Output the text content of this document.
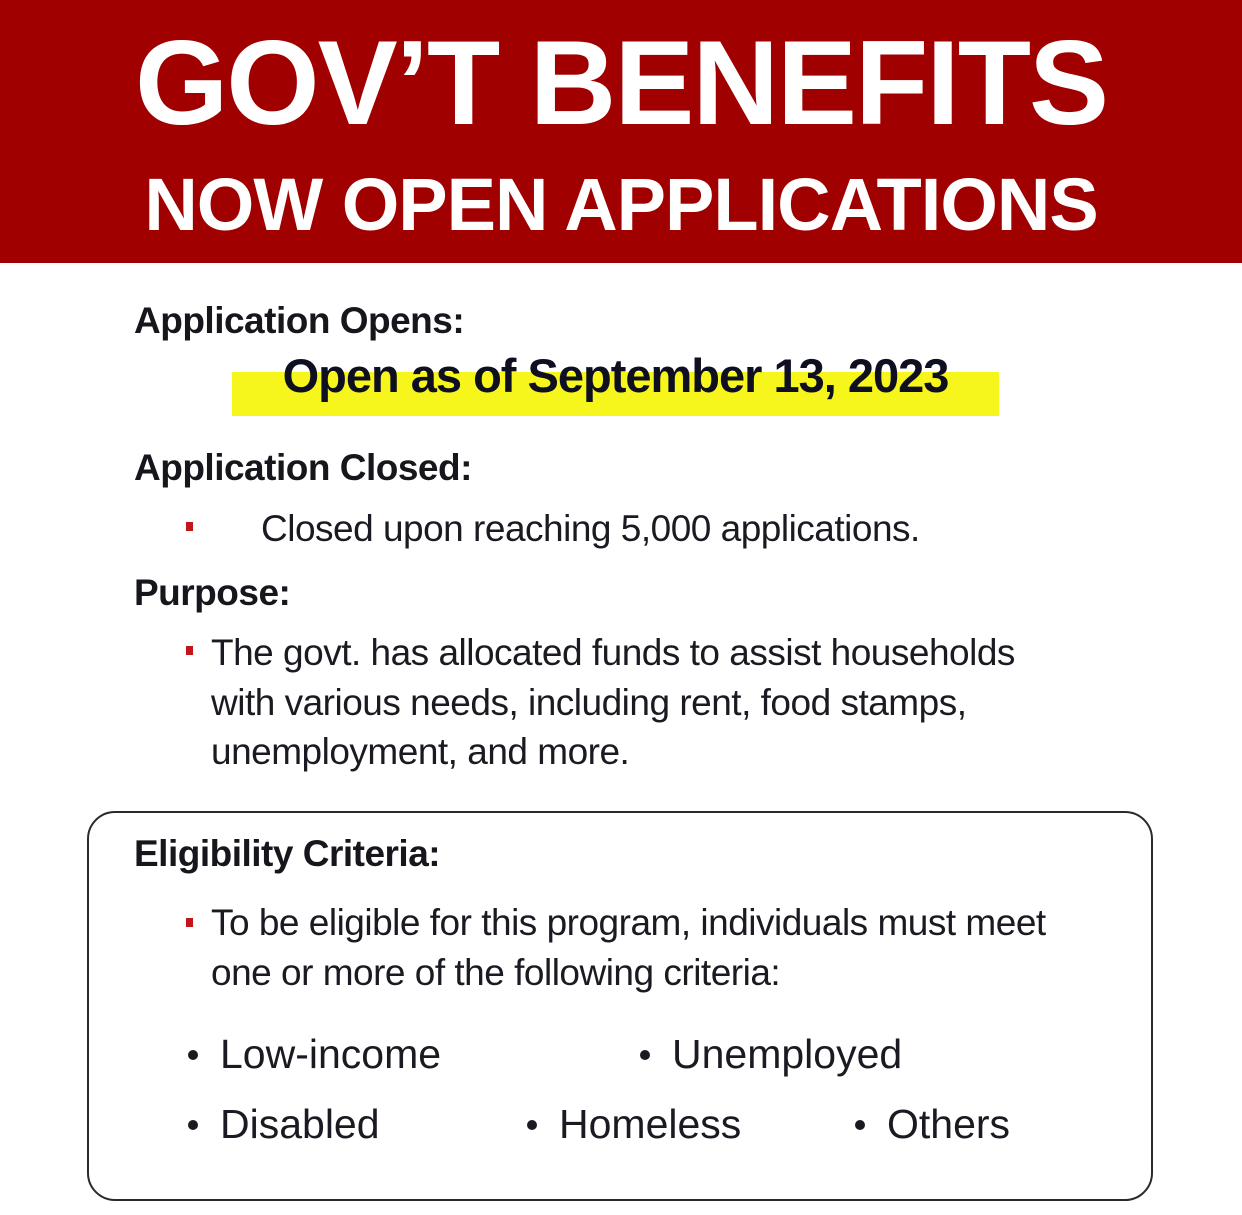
GOV’T BENEFITS
NOW OPEN APPLICATIONS
Application Opens:
Open as of September 13, 2023
Application Closed:
Closed upon reaching 5,000 applications.
Purpose:
The govt. has allocated funds to assist households
with various needs, including rent, food stamps,
unemployment, and more.
Eligibility Criteria:
To be eligible for this program, individuals must meet
one or more of the following criteria:
Low-income	Unemployed
Disabled	Homeless	Others
